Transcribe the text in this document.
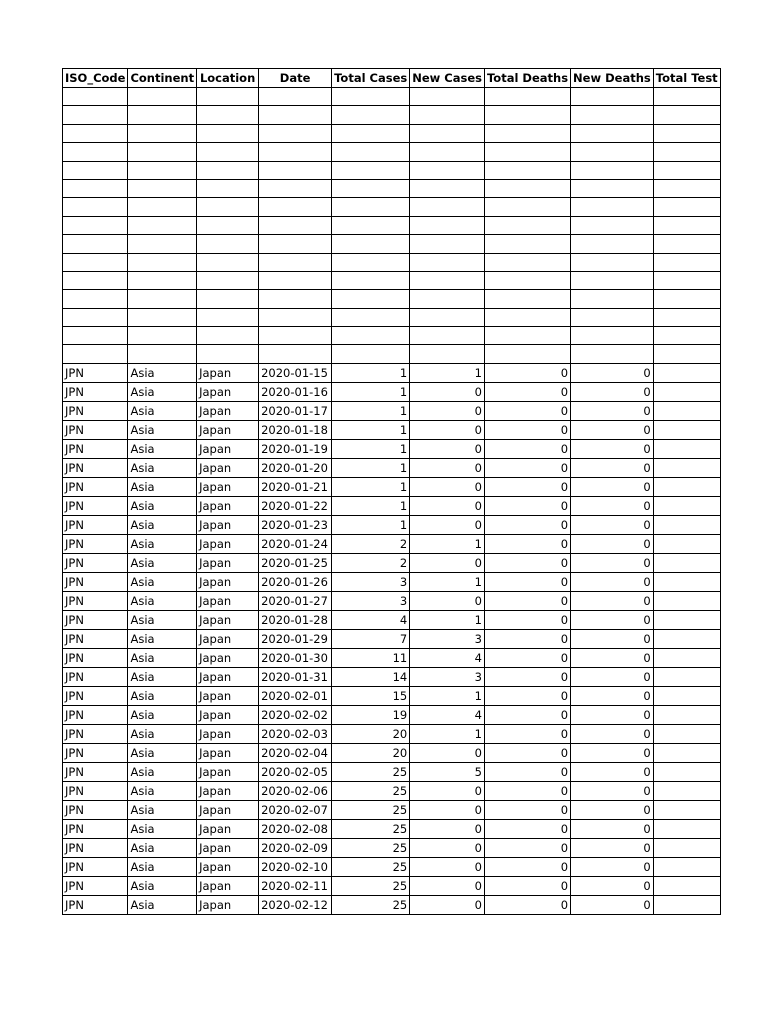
ISO_Code	Continent	Location	Date	Total Cases	New Cases	Total Deaths	New Deaths	Total Test

JPN	Asia	Japan	2020-01-15	1	1	0	0	
JPN	Asia	Japan	2020-01-16	1	0	0	0	
JPN	Asia	Japan	2020-01-17	1	0	0	0	
JPN	Asia	Japan	2020-01-18	1	0	0	0	
JPN	Asia	Japan	2020-01-19	1	0	0	0	
JPN	Asia	Japan	2020-01-20	1	0	0	0	
JPN	Asia	Japan	2020-01-21	1	0	0	0	
JPN	Asia	Japan	2020-01-22	1	0	0	0	
JPN	Asia	Japan	2020-01-23	1	0	0	0	
JPN	Asia	Japan	2020-01-24	2	1	0	0	
JPN	Asia	Japan	2020-01-25	2	0	0	0	
JPN	Asia	Japan	2020-01-26	3	1	0	0	
JPN	Asia	Japan	2020-01-27	3	0	0	0	
JPN	Asia	Japan	2020-01-28	4	1	0	0	
JPN	Asia	Japan	2020-01-29	7	3	0	0	
JPN	Asia	Japan	2020-01-30	11	4	0	0	
JPN	Asia	Japan	2020-01-31	14	3	0	0	
JPN	Asia	Japan	2020-02-01	15	1	0	0	
JPN	Asia	Japan	2020-02-02	19	4	0	0	
JPN	Asia	Japan	2020-02-03	20	1	0	0	
JPN	Asia	Japan	2020-02-04	20	0	0	0	
JPN	Asia	Japan	2020-02-05	25	5	0	0	
JPN	Asia	Japan	2020-02-06	25	0	0	0	
JPN	Asia	Japan	2020-02-07	25	0	0	0	
JPN	Asia	Japan	2020-02-08	25	0	0	0	
JPN	Asia	Japan	2020-02-09	25	0	0	0	
JPN	Asia	Japan	2020-02-10	25	0	0	0	
JPN	Asia	Japan	2020-02-11	25	0	0	0	
JPN	Asia	Japan	2020-02-12	25	0	0	0	
